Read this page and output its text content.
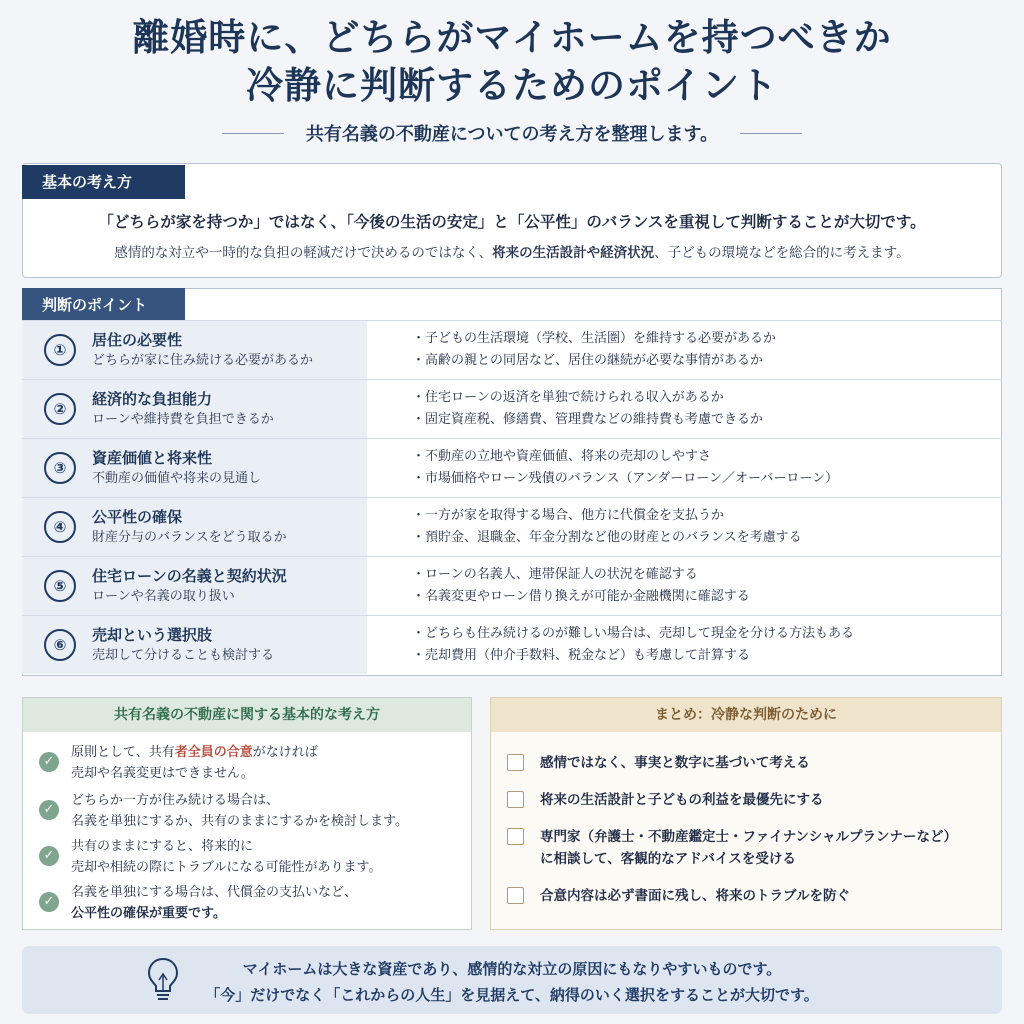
離婚時に、どちらがマイホームを持つべきか
冷静に判断するためのポイント
共有名義の不動産についての考え方を整理します。
基本の考え方
「どちらが家を持つか」ではなく、「今後の生活の安定」と「公平性」のバランスを重視して判断することが大切です。
感情的な対立や一時的な負担の軽減だけで決めるのではなく、将来の生活設計や経済状況、子どもの環境などを総合的に考えます。
判断のポイント
①
居住の必要性
どちらが家に住み続ける必要があるか
・子どもの生活環境（学校、生活圏）を維持する必要があるか
・高齢の親との同居など、居住の継続が必要な事情があるか
②
経済的な負担能力
ローンや維持費を負担できるか
・住宅ローンの返済を単独で続けられる収入があるか
・固定資産税、修繕費、管理費などの維持費も考慮できるか
③
資産価値と将来性
不動産の価値や将来の見通し
・不動産の立地や資産価値、将来の売却のしやすさ
・市場価格やローン残債のバランス（アンダーローン／オーバーローン）
④
公平性の確保
財産分与のバランスをどう取るか
・一方が家を取得する場合、他方に代償金を支払うか
・預貯金、退職金、年金分割など他の財産とのバランスを考慮する
⑤
住宅ローンの名義と契約状況
ローンや名義の取り扱い
・ローンの名義人、連帯保証人の状況を確認する
・名義変更やローン借り換えが可能か金融機関に確認する
⑥
売却という選択肢
売却して分けることも検討する
・どちらも住み続けるのが難しい場合は、売却して現金を分ける方法もある
・売却費用（仲介手数料、税金など）も考慮して計算する
共有名義の不動産に関する基本的な考え方
✓
原則として、共有者全員の合意がなければ
売却や名義変更はできません。
✓
どちらか一方が住み続ける場合は、
名義を単独にするか、共有のままにするかを検討します。
✓
共有のままにすると、将来的に
売却や相続の際にトラブルになる可能性があります。
✓
名義を単独にする場合は、代償金の支払いなど、
公平性の確保が重要です。
まとめ：冷静な判断のために
感情ではなく、事実と数字に基づいて考える
将来の生活設計と子どもの利益を最優先にする
専門家（弁護士・不動産鑑定士・ファイナンシャルプランナーなど）
に相談して、客観的なアドバイスを受ける
合意内容は必ず書面に残し、将来のトラブルを防ぐ
マイホームは大きな資産であり、感情的な対立の原因にもなりやすいものです。
「今」だけでなく「これからの人生」を見据えて、納得のいく選択をすることが大切です。
